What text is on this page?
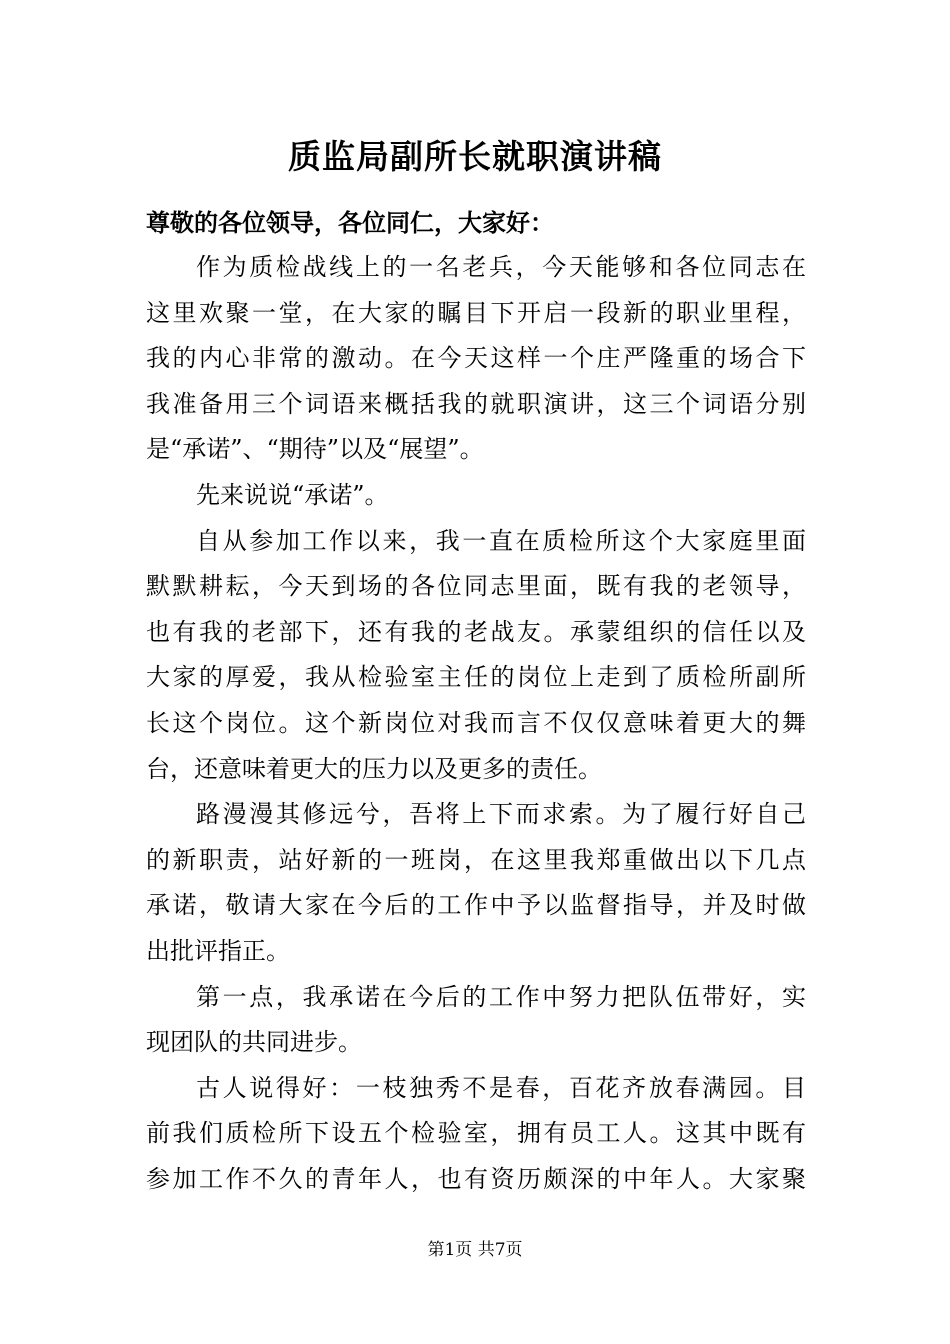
质监局副所长就职演讲稿
尊敬的各位领导，各位同仁，大家好：
作为质检战线上的一名老兵，今天能够和各位同志在
这里欢聚一堂，在大家的瞩目下开启一段新的职业里程，
我的内心非常的激动。在今天这样一个庄严隆重的场合下
我准备用三个词语来概括我的就职演讲，这三个词语分别
是“承诺”、“期待”以及“展望”。
先来说说“承诺”。
自从参加工作以来，我一直在质检所这个大家庭里面
默默耕耘，今天到场的各位同志里面，既有我的老领导，
也有我的老部下，还有我的老战友。承蒙组织的信任以及
大家的厚爱，我从检验室主任的岗位上走到了质检所副所
长这个岗位。这个新岗位对我而言不仅仅意味着更大的舞
台，还意味着更大的压力以及更多的责任。
路漫漫其修远兮，吾将上下而求索。为了履行好自己
的新职责，站好新的一班岗，在这里我郑重做出以下几点
承诺，敬请大家在今后的工作中予以监督指导，并及时做
出批评指正。
第一点，我承诺在今后的工作中努力把队伍带好，实
现团队的共同进步。
古人说得好：一枝独秀不是春，百花齐放春满园。目
前我们质检所下设五个检验室，拥有员工人。这其中既有
参加工作不久的青年人，也有资历颇深的中年人。大家聚
第1页 共7页
